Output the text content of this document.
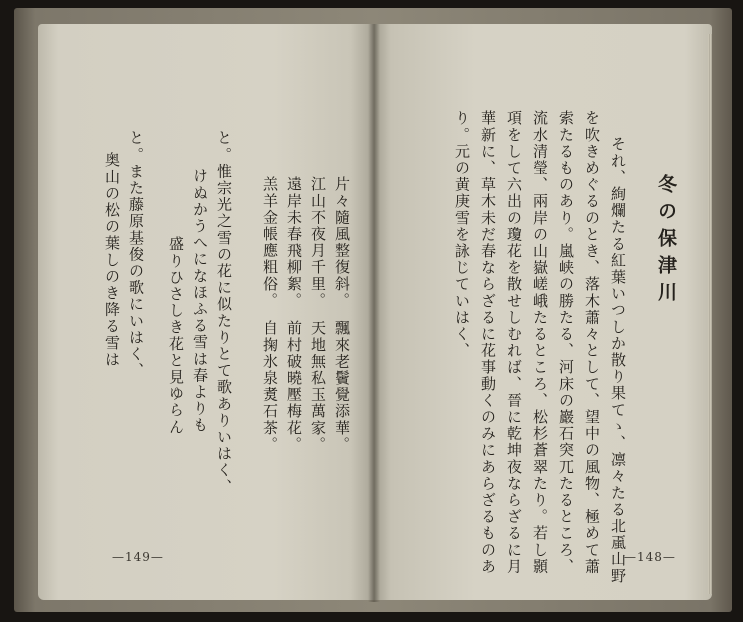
片々隨風整復斜。
江山不夜月千里。
遠岸未春飛柳絮。
羔羊金帳應粗俗。
飄來老鬢覺添華。
天地無私玉萬家。
前村破曉壓梅花。
自掬氷泉煑石茶。
と。惟宗光之雪の花に似たりとて歌ありいはく、
けぬかうへになほふる雪は春よりも
盛りひさしき花と見ゆらん
と。また藤原基俊の歌にいはく、
奥山の松の葉しのき降る雪は
—149—
冬の保津川
それ、絢爛たる紅葉いつしか散り果てゝ、凛々たる北颪山野
を吹きめぐるのとき、落木蕭々として、望中の風物、極めて蕭
索たるものあり。嵐峡の勝たる、河床の巖石突兀たるところ、
流水清瑩、兩岸の山嶽嵯峨たるところ、松杉蒼翠たり。若し顥
項をして六出の瓊花を散せしむれば、晉に乾坤夜ならざるに月
華新に、草木未だ春ならざるに花事動くのみにあらざるものあ
り。元の黄庚雪を詠じていはく、
—148—
